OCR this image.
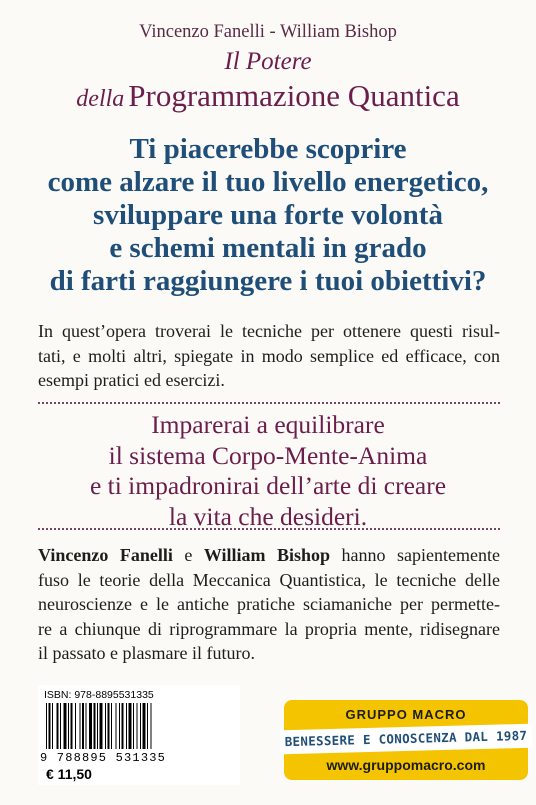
Vincenzo Fanelli - William Bishop
Il Potere
della Programmazione Quantica
Ti piacerebbe scoprire
come alzare il tuo livello energetico,
sviluppare una forte volontà
e schemi mentali in grado
di farti raggiungere i tuoi obiettivi?
In quest’opera troverai le tecniche per ottenere questi risul-
tati, e molti altri, spiegate in modo semplice ed efficace, con
esempi pratici ed esercizi.
Imparerai a equilibrare
il sistema Corpo-Mente-Anima
e ti impadronirai dell’arte di creare
la vita che desideri.
Vincenzo Fanelli e William Bishop hanno sapientemente
fuso le teorie della Meccanica Quantistica, le tecniche delle
neuroscienze e le antiche pratiche sciamaniche per permette-
re a chiunque di riprogrammare la propria mente, ridisegnare
il passato e plasmare il futuro.
ISBN: 978-8895531335
9 788895 531335
€ 11,50
GRUPPO MACRO
BENESSERE E CONOSCENZA DAL 1987
www.gruppomacro.com
